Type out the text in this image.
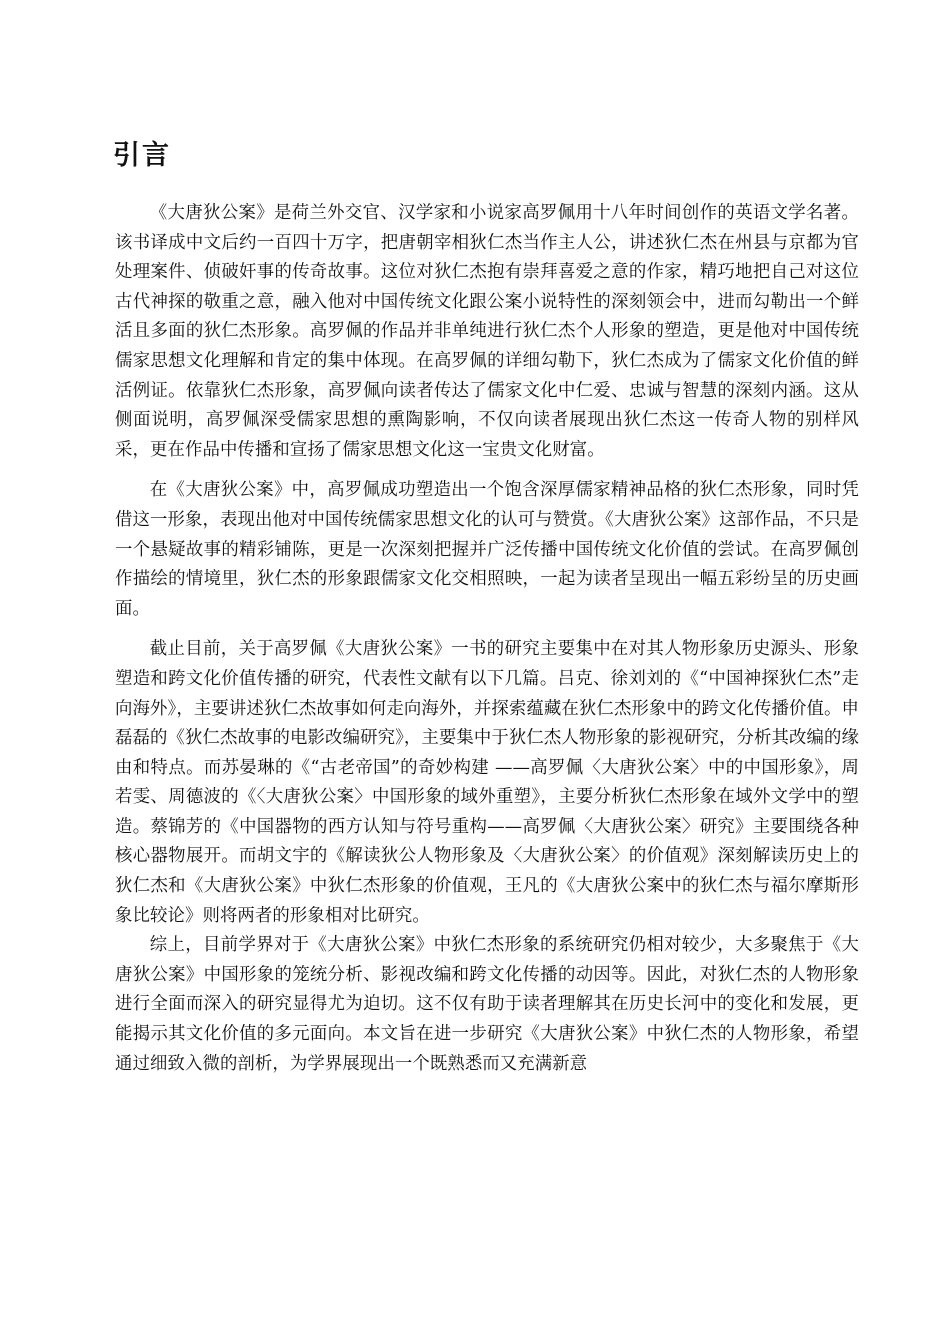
引言

《大唐狄公案》是荷兰外交官、汉学家和小说家高罗佩用十八年时间创作的英语文学名著。该书译成中文后约一百四十万字，把唐朝宰相狄仁杰当作主人公，讲述狄仁杰在州县与京都为官处理案件、侦破奸事的传奇故事。这位对狄仁杰抱有崇拜喜爱之意的作家，精巧地把自己对这位古代神探的敬重之意，融入他对中国传统文化跟公案小说特性的深刻领会中，进而勾勒出一个鲜活且多面的狄仁杰形象。高罗佩的作品并非单纯进行狄仁杰个人形象的塑造，更是他对中国传统儒家思想文化理解和肯定的集中体现。在高罗佩的详细勾勒下，狄仁杰成为了儒家文化价值的鲜活例证。依靠狄仁杰形象，高罗佩向读者传达了儒家文化中仁爱、忠诚与智慧的深刻内涵。这从侧面说明，高罗佩深受儒家思想的熏陶影响，不仅向读者展现出狄仁杰这一传奇人物的别样风采，更在作品中传播和宣扬了儒家思想文化这一宝贵文化财富。

在《大唐狄公案》中，高罗佩成功塑造出一个饱含深厚儒家精神品格的狄仁杰形象，同时凭借这一形象，表现出他对中国传统儒家思想文化的认可与赞赏。《大唐狄公案》这部作品，不只是一个悬疑故事的精彩铺陈，更是一次深刻把握并广泛传播中国传统文化价值的尝试。在高罗佩创作描绘的情境里，狄仁杰的形象跟儒家文化交相照映，一起为读者呈现出一幅五彩纷呈的历史画面。

截止目前，关于高罗佩《大唐狄公案》一书的研究主要集中在对其人物形象历史源头、形象塑造和跨文化价值传播的研究，代表性文献有以下几篇。吕克、徐刘刘的《“中国神探狄仁杰”走向海外》，主要讲述狄仁杰故事如何走向海外，并探索蕴藏在狄仁杰形象中的跨文化传播价值。申磊磊的《狄仁杰故事的电影改编研究》，主要集中于狄仁杰人物形象的影视研究，分析其改编的缘由和特点。而苏晏琳的《“古老帝国”的奇妙构建 ——高罗佩〈大唐狄公案〉中的中国形象》，周若雯、周德波的《〈大唐狄公案〉中国形象的域外重塑》，主要分析狄仁杰形象在域外文学中的塑造。蔡锦芳的《中国器物的西方认知与符号重构——高罗佩〈大唐狄公案〉研究》主要围绕各种核心器物展开。而胡文宇的《解读狄公人物形象及〈大唐狄公案〉的价值观》深刻解读历史上的狄仁杰和《大唐狄公案》中狄仁杰形象的价值观，王凡的《大唐狄公案中的狄仁杰与福尔摩斯形象比较论》则将两者的形象相对比研究。

综上，目前学界对于《大唐狄公案》中狄仁杰形象的系统研究仍相对较少，大多聚焦于《大唐狄公案》中国形象的笼统分析、影视改编和跨文化传播的动因等。因此，对狄仁杰的人物形象进行全面而深入的研究显得尤为迫切。这不仅有助于读者理解其在历史长河中的变化和发展，更能揭示其文化价值的多元面向。本文旨在进一步研究《大唐狄公案》中狄仁杰的人物形象，希望通过细致入微的剖析，为学界展现出一个既熟悉而又充满新意
